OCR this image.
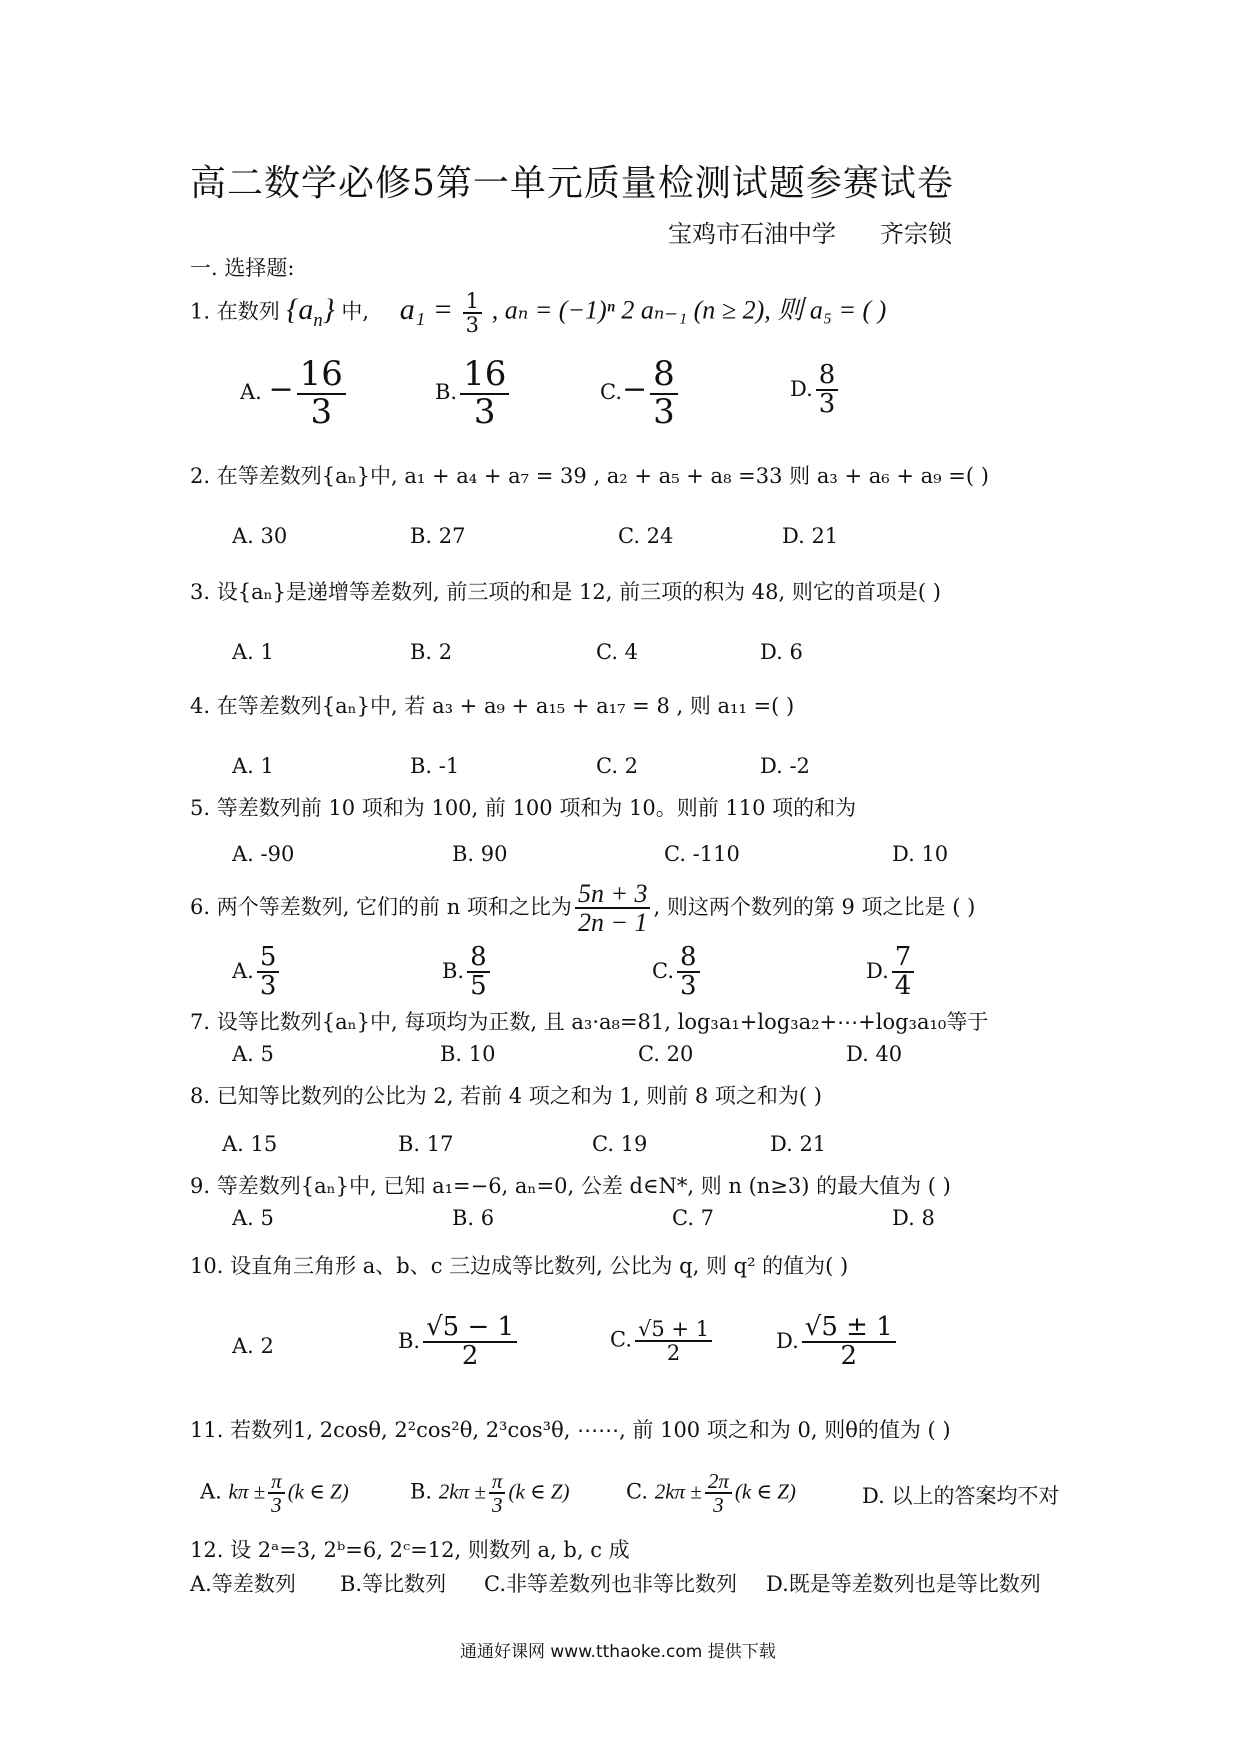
高二数学必修5第一单元质量检测试题参赛试卷
宝鸡市石油中学 齐宗锁
一. 选择题:
1. 在数列 $\{a_n\}$ 中, $a_1 = \frac{1}{3}$ , aₙ = (−1)ⁿ 2 aₙ₋₁ (n ≥ 2), 则 a₅ = ( )
A. − $\frac{16}{3}$	B. $\frac{16}{3}$	$C.- \frac{8}{3}$	D. $\frac{8}{3}$
2. 在等差数列{aₙ}中, a₁ + a₄ + a₇ = 39 , a₂ + a₅ + a₈ =33 则 a₃ + a₆ + a₉ =( )
A. 30	B. 27	C. 24	D. 21
3. 设{aₙ}是递增等差数列, 前三项的和是 12, 前三项的积为 48, 则它的首项是( )
A. 1	B. 2	C. 4	D. 6
4. 在等差数列{aₙ}中, 若 a₃ + a₉ + a₁₅ + a₁₇ = 8 , 则 a₁₁ =( )
A. 1	B. -1	C. 2	D. -2
5. 等差数列前 10 项和为 100, 前 100 项和为 10。则前 110 项的和为
A. -90	B. 90	C. -110	D. 10
6. 两个等差数列, 它们的前 n 项和之比为 $\frac{5n + 3}{2n - 1}$ , 则这两个数列的第 9 项之比是 ( )
A. $\frac{5}{3}$	B. $\frac{8}{5}$	C. $\frac{8}{3}$	D. $\frac{7}{4}$
7. 设等比数列{aₙ}中, 每项均为正数, 且 a₃·a₈=81, log₃a₁+log₃a₂+⋯+log₃a₁₀等于
A. 5	B. 10	C. 20	D. 40
8. 已知等比数列的公比为 2, 若前 4 项之和为 1, 则前 8 项之和为( )
A. 15	B. 17	C. 19	D. 21
9. 等差数列{aₙ}中, 已知 a₁=−6, aₙ=0, 公差 d∈N*, 则 n (n≥3) 的最大值为 ( )
A. 5	B. 6	C. 7	D. 8
10. 设直角三角形 a、b、c 三边成等比数列, 公比为 q, 则 q² 的值为( )
A. 2	B. $\frac{√5 - 1}{2}$	C. $\frac{√5 + 1}{2}$	D. $\frac{√5 \pm 1}{2}$
11. 若数列1, 2cosθ, 2²cos²θ, 2³cos³θ, ⋯⋯, 前 100 项之和为 0, 则θ的值为 ( )
A. $k\pi \pm \frac{\pi}{3} (k$ ∈ Z)	B. $2k\pi \pm \frac{\pi}{3} (k$ ∈ Z)	C. $2k\pi \pm \frac{2\pi}{3} (k$ ∈ Z)	D. 以上的答案均不对
12. 设 2ᵃ=3, 2ᵇ=6, 2ᶜ=12, 则数列 a, b, c 成
A.等差数列 B.等比数列 C.非等差数列也非等比数列 D.既是等差数列也是等比数列
通通好课网 www.tthaoke.com 提供下载
